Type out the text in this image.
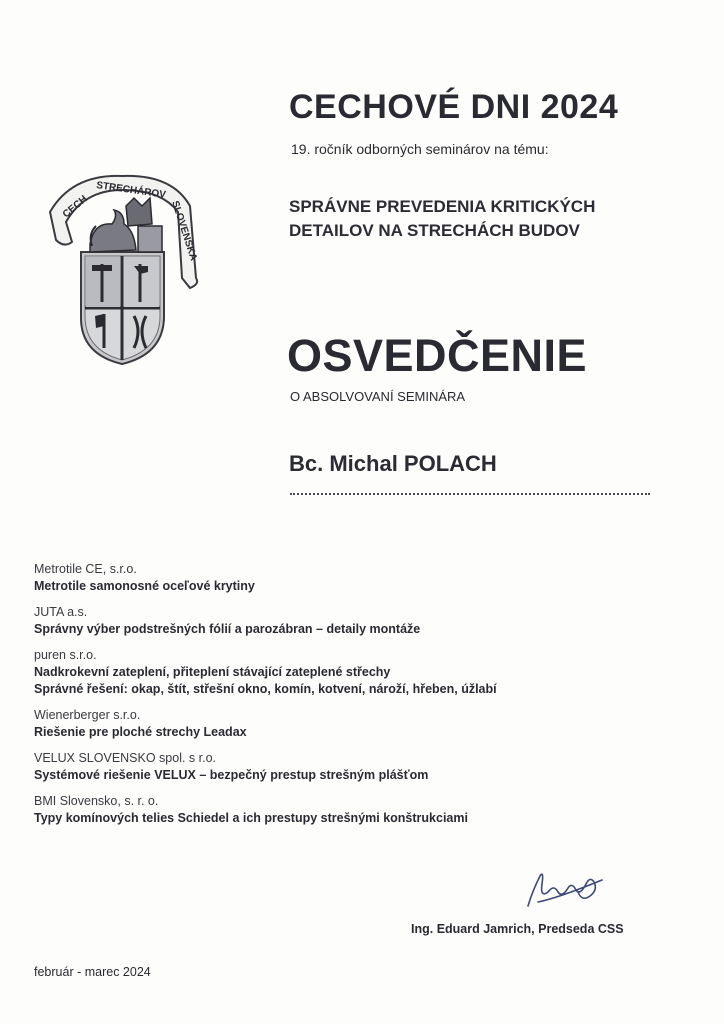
CECH
STRECHÁROV
SLOVENSKA
CECHOVÉ DNI 2024
19. ročník odborných seminárov na tému:
SPRÁVNE PREVEDENIA KRITICKÝCH
DETAILOV NA STRECHÁCH BUDOV
OSVEDČENIE
O ABSOLVOVANÍ SEMINÁRA
Bc. Michal POLACH
Metrotile CE, s.r.o.
Metrotile samonosné oceľové krytiny
JUTA a.s.
Správny výber podstrešných fólií a parozábran – detaily montáže
puren s.r.o.
Nadkrokevní zateplení, přiteplení stávající zateplené střechy
Správné řešení: okap, štít, střešní okno, komín, kotvení, nároží, hřeben, úžlabí
Wienerberger s.r.o.
Riešenie pre ploché strechy Leadax
VELUX SLOVENSKO spol. s r.o.
Systémové riešenie VELUX – bezpečný prestup strešným plášťom
BMI Slovensko, s. r. o.
Typy komínových telies Schiedel a ich prestupy strešnými konštrukciami
Ing. Eduard Jamrich, Predseda CSS
február - marec 2024
